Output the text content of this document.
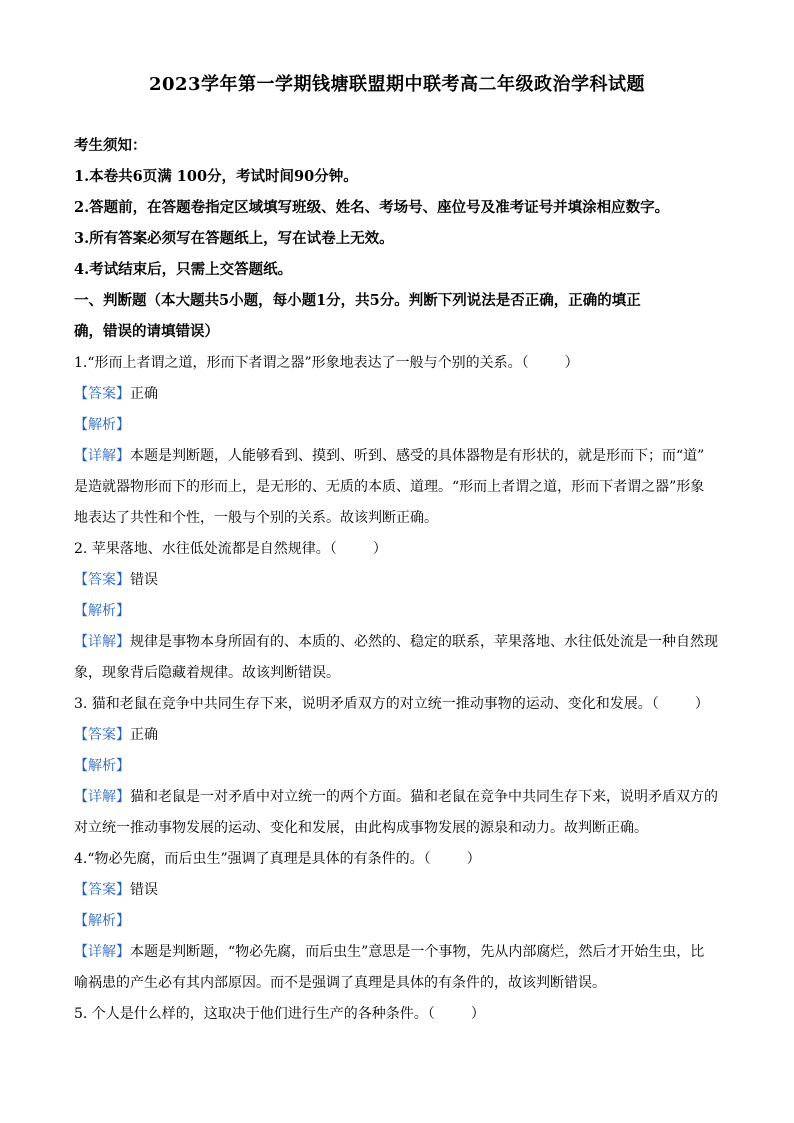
2023学年第一学期钱塘联盟期中联考高二年级政治学科试题
考生须知：
1.本卷共6页满 100分，考试时间90分钟。
2.答题前，在答题卷指定区域填写班级、姓名、考场号、座位号及准考证号并填涂相应数字。
3.所有答案必须写在答题纸上，写在试卷上无效。
4.考试结束后，只需上交答题纸。
一、判断题（本大题共5小题，每小题1分，共5分。判断下列说法是否正确，正确的填正
确，错误的请填错误）
1.“形而上者谓之道，形而下者谓之器”形象地表达了一般与个别的关系。（	）
【答案】正确
【解析】
【详解】本题是判断题，人能够看到、摸到、听到、感受的具体器物是有形状的，就是形而下；而“道”
是造就器物形而下的形而上，是无形的、无质的本质、道理。“形而上者谓之道，形而下者谓之器”形象
地表达了共性和个性，一般与个别的关系。故该判断正确。
2. 苹果落地、水往低处流都是自然规律。（	）
【答案】错误
【解析】
【详解】规律是事物本身所固有的、本质的、必然的、稳定的联系，苹果落地、水往低处流是一种自然现
象，现象背后隐藏着规律。故该判断错误。
3. 猫和老鼠在竞争中共同生存下来，说明矛盾双方的对立统一推动事物的运动、变化和发展。（	）
【答案】正确
【解析】
【详解】猫和老鼠是一对矛盾中对立统一的两个方面。猫和老鼠在竞争中共同生存下来，说明矛盾双方的
对立统一推动事物发展的运动、变化和发展，由此构成事物发展的源泉和动力。故判断正确。
4.“物必先腐，而后虫生”强调了真理是具体的有条件的。（	）
【答案】错误
【解析】
【详解】本题是判断题，“物必先腐，而后虫生”意思是一个事物，先从内部腐烂，然后才开始生虫，比
喻祸患的产生必有其内部原因。而不是强调了真理是具体的有条件的，故该判断错误。
5. 个人是什么样的，这取决于他们进行生产的各种条件。（	）
